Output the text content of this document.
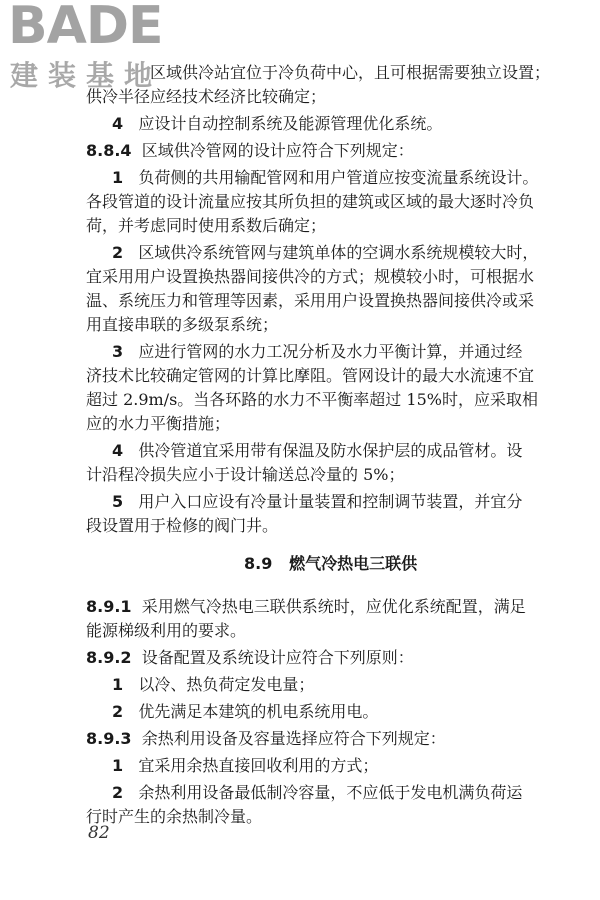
BADE
建装基地
区域供冷站宜位于冷负荷中心，且可根据需要独立设置；
供冷半径应经技术经济比较确定；
4 应设计自动控制系统及能源管理优化系统。
8.8.4 区域供冷管网的设计应符合下列规定：
1 负荷侧的共用输配管网和用户管道应按变流量系统设计。
各段管道的设计流量应按其所负担的建筑或区域的最大逐时冷负
荷，并考虑同时使用系数后确定；
2 区域供冷系统管网与建筑单体的空调水系统规模较大时，
宜采用用户设置换热器间接供冷的方式；规模较小时，可根据水
温、系统压力和管理等因素，采用用户设置换热器间接供冷或采
用直接串联的多级泵系统；
3 应进行管网的水力工况分析及水力平衡计算，并通过经
济技术比较确定管网的计算比摩阻。管网设计的最大水流速不宜
超过 2.9m/s。当各环路的水力不平衡率超过 15%时，应采取相
应的水力平衡措施；
4 供冷管道宜采用带有保温及防水保护层的成品管材。设
计沿程冷损失应小于设计输送总冷量的 5%；
5 用户入口应设有冷量计量装置和控制调节装置，并宜分
段设置用于检修的阀门井。
8.9 燃气冷热电三联供
8.9.1 采用燃气冷热电三联供系统时，应优化系统配置，满足
能源梯级利用的要求。
8.9.2 设备配置及系统设计应符合下列原则：
1 以冷、热负荷定发电量；
2 优先满足本建筑的机电系统用电。
8.9.3 余热利用设备及容量选择应符合下列规定：
1 宜采用余热直接回收利用的方式；
2 余热利用设备最低制冷容量，不应低于发电机满负荷运
行时产生的余热制冷量。
82
